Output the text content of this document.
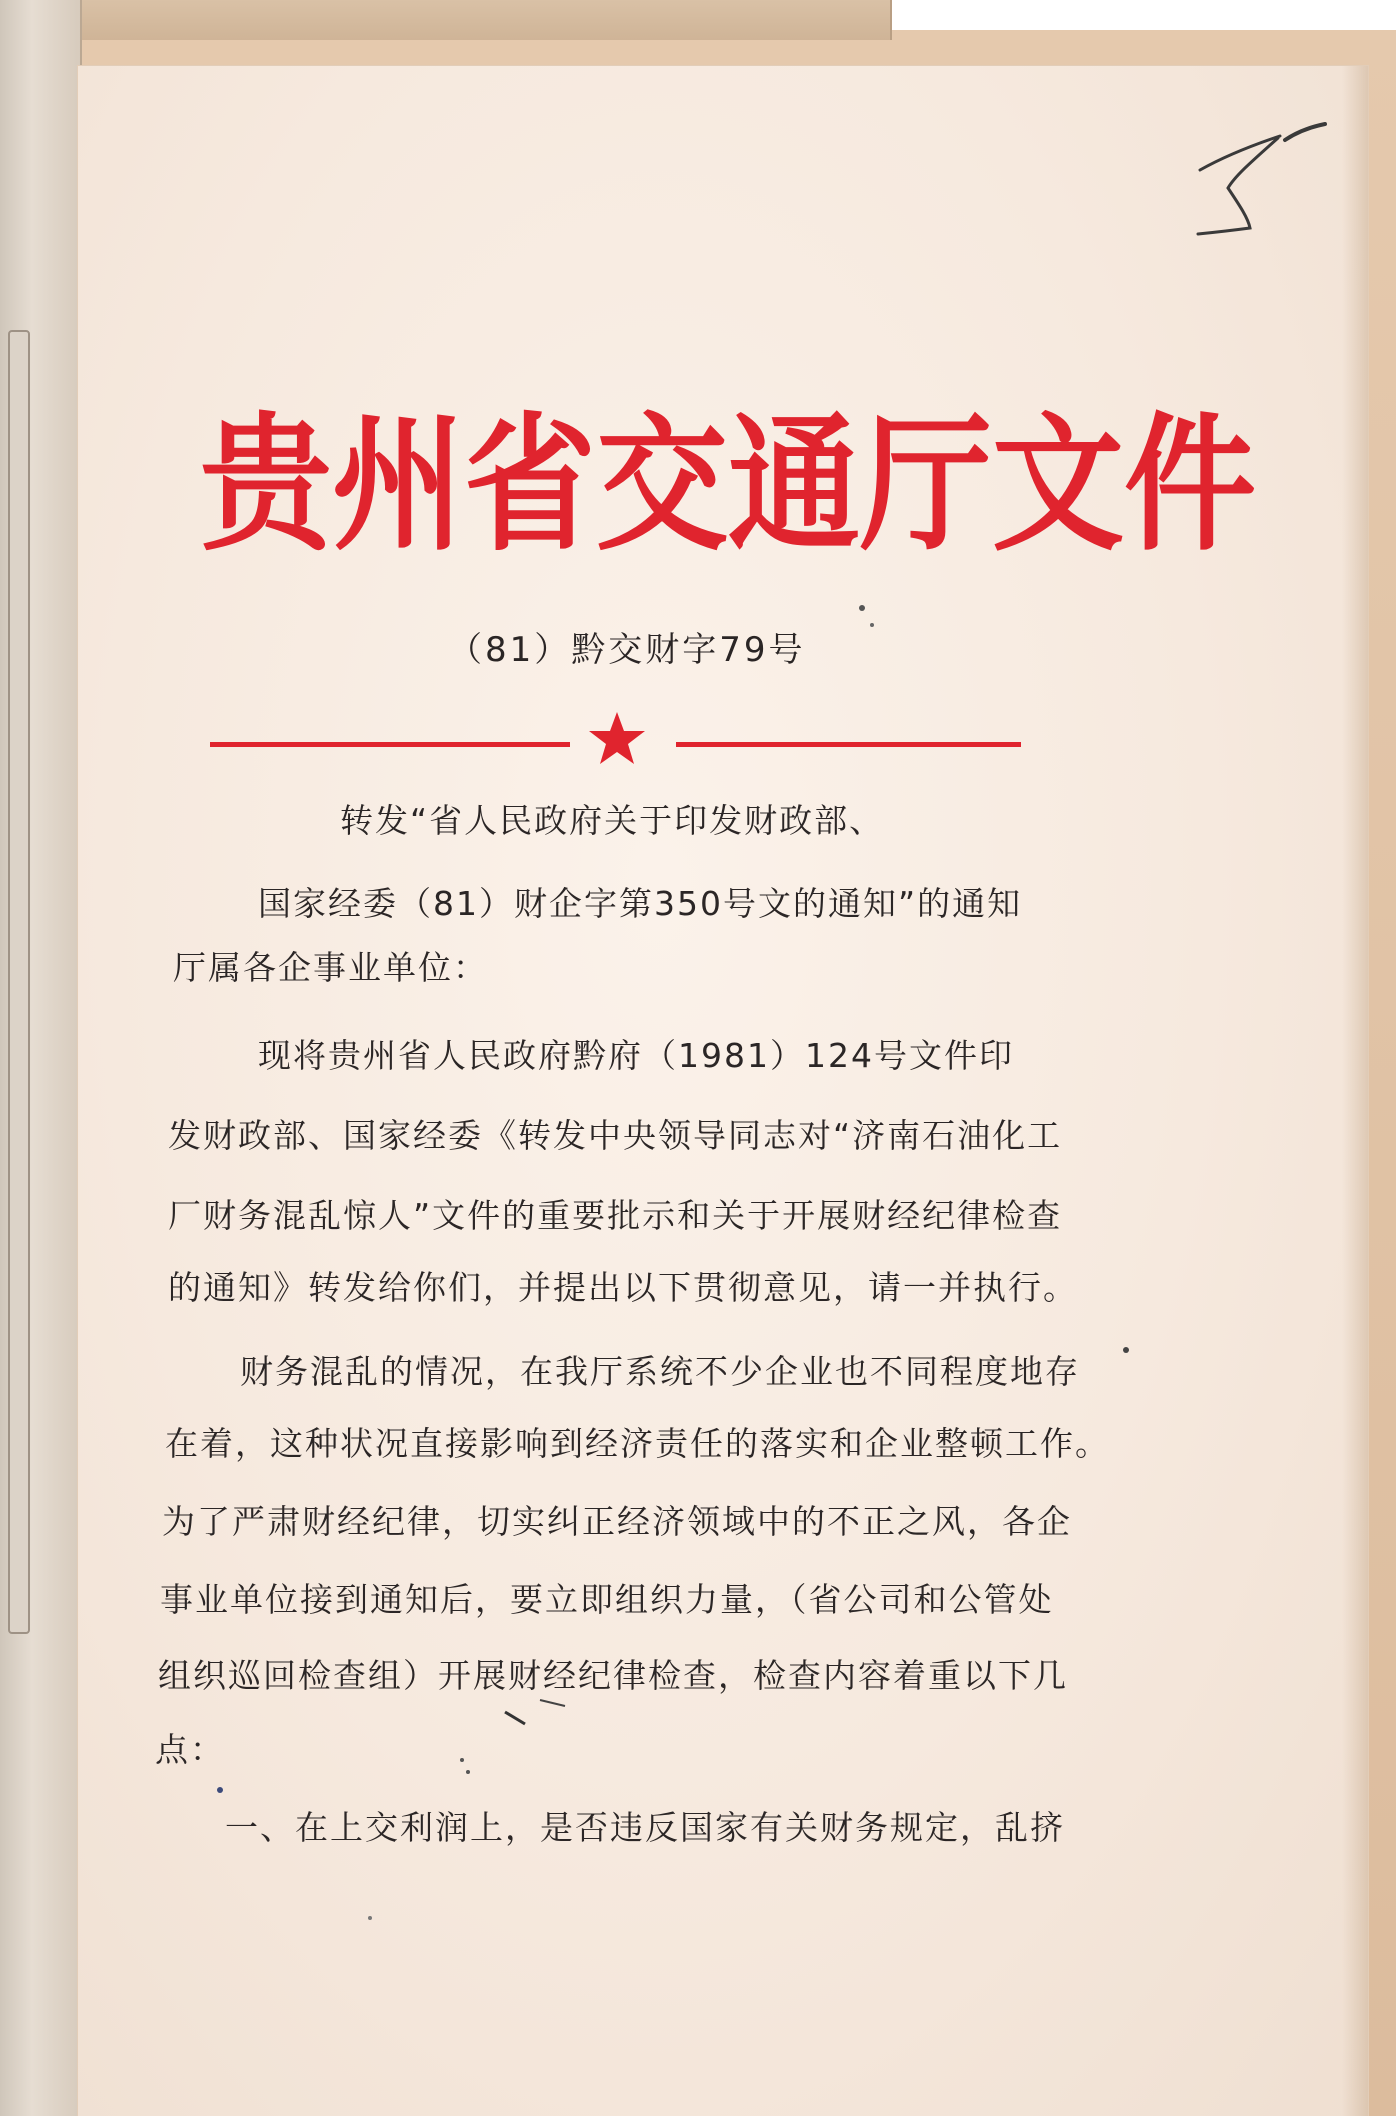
贵州省交通厅文件
（81）黔交财字79号
转发“省人民政府关于印发财政部、
国家经委（81）财企字第350号文的通知”的通知
厅属各企事业单位：
现将贵州省人民政府黔府（1981）124号文件印
发财政部、国家经委《转发中央领导同志对“济南石油化工
厂财务混乱惊人”文件的重要批示和关于开展财经纪律检查
的通知》转发给你们，并提出以下贯彻意见，请一并执行。
财务混乱的情况，在我厅系统不少企业也不同程度地存
在着，这种状况直接影响到经济责任的落实和企业整顿工作。
为了严肃财经纪律，切实纠正经济领域中的不正之风，各企
事业单位接到通知后，要立即组织力量，（省公司和公管处
组织巡回检查组）开展财经纪律检查，检查内容着重以下几
点：
一、在上交利润上，是否违反国家有关财务规定，乱挤
